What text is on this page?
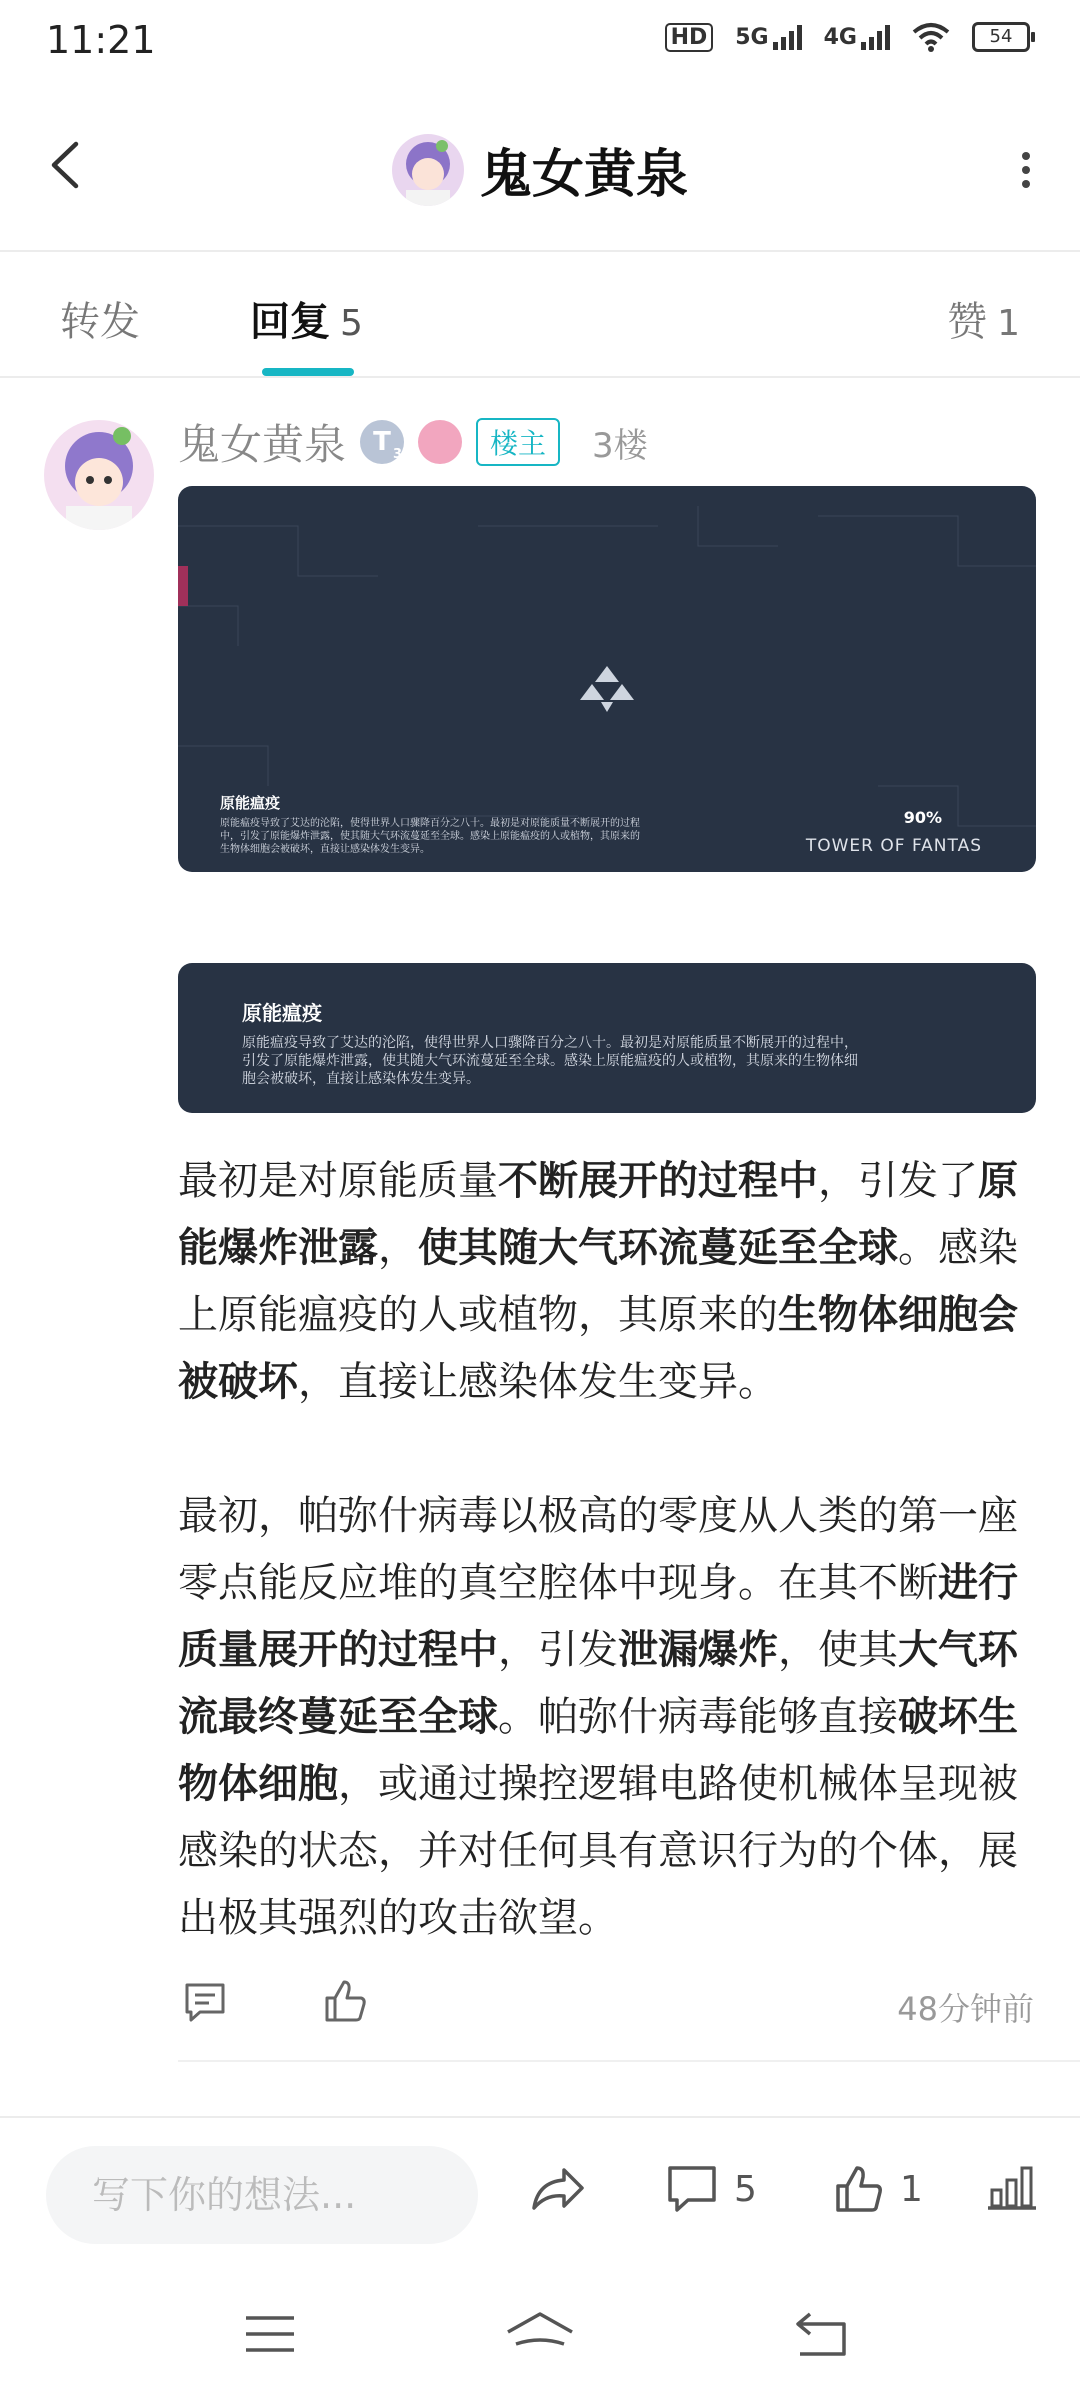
11:21	HD 5G	4G	54
鬼女黄泉
转发	回复 5	赞 1
鬼女黄泉 T 3	楼主	3楼
原能瘟疫
原能瘟疫导致了艾达的沦陷，使得世界人口骤降百分之八十。最初是对原能质量不断展开的过程中，引发了原能爆炸泄露，使其随大气环流蔓延至全球。感染上原能瘟疫的人或植物，其原来的生物体细胞会被破坏，直接让感染体发生变异。
90%
TOWER OF FANTAS
原能瘟疫
原能瘟疫导致了艾达的沦陷，使得世界人口骤降百分之八十。最初是对原能质量不断展开的过程中，引发了原能爆炸泄露，使其随大气环流蔓延至全球。感染上原能瘟疫的人或植物，其原来的生物体细胞会被破坏，直接让感染体发生变异。

最初是对原能质量不断展开的过程中，引发了原能爆炸泄露，使其随大气环流蔓延至全球。感染上原能瘟疫的人或植物，其原来的生物体细胞会被破坏，直接让感染体发生变异。

最初，帕弥什病毒以极高的零度从人类的第一座零点能反应堆的真空腔体中现身。在其不断进行质量展开的过程中，引发泄漏爆炸，使其大气环流最终蔓延至全球。帕弥什病毒能够直接破坏生物体细胞，或通过操控逻辑电路使机械体呈现被感染的状态，并对任何具有意识行为的个体，展出极其强烈的攻击欲望。

48分钟前
写下你的想法...	5	1
